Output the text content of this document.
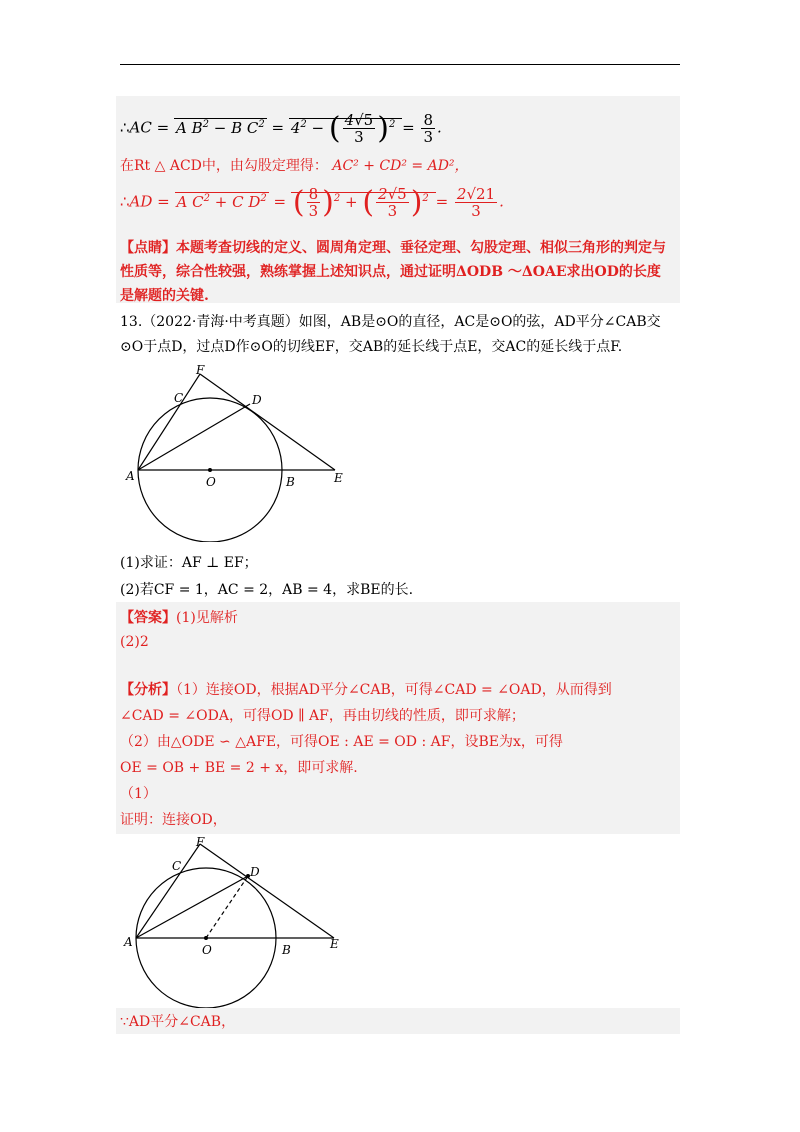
∴AC = A $B^2 - B$ $C^2 = 4^2$ − ( $\frac{4√5}{3} )^2 = \frac{8}{3}$ .
在Rt △ ACD中，由勾股定理得： AC² + CD² = AD²，
∴AD = A $C^2 + C$ $D^2$ = ( $\frac{8}{3} )^2$ + ( $\frac{2√5}{3} )^2 = \frac{2√21}{3}$ .
【点睛】本题考查切线的定义、圆周角定理、垂径定理、勾股定理、相似三角形的判定与
性质等，综合性较强，熟练掌握上述知识点，通过证明ΔODB ～ΔOAE求出OD的长度
是解题的关键.
13.（2022·青海·中考真题）如图，AB是⊙O的直径，AC是⊙O的弦，AD平分∠CAB交
⊙O于点D，过点D作⊙O的切线EF，交AB的延长线于点E，交AC的延长线于点F.
A	O	B	E
D
C
F
(1)求证：AF ⊥ EF；
(2)若CF = 1，AC = 2，AB = 4，求BE的长.
【答案】(1)见解析
(2)2
【分析】（1）连接OD，根据AD平分∠CAB，可得∠CAD = ∠OAD，从而得到
∠CAD = ∠ODA，可得OD ∥ AF，再由切线的性质，即可求解；
（2）由△ODE ∽ △AFE，可得OE : AE = OD : AF，设BE为x，可得
OE = OB + BE = 2 + x，即可求解.
（1）
证明：连接OD，
A
O	B	E
D
C
F
∵AD平分∠CAB，
